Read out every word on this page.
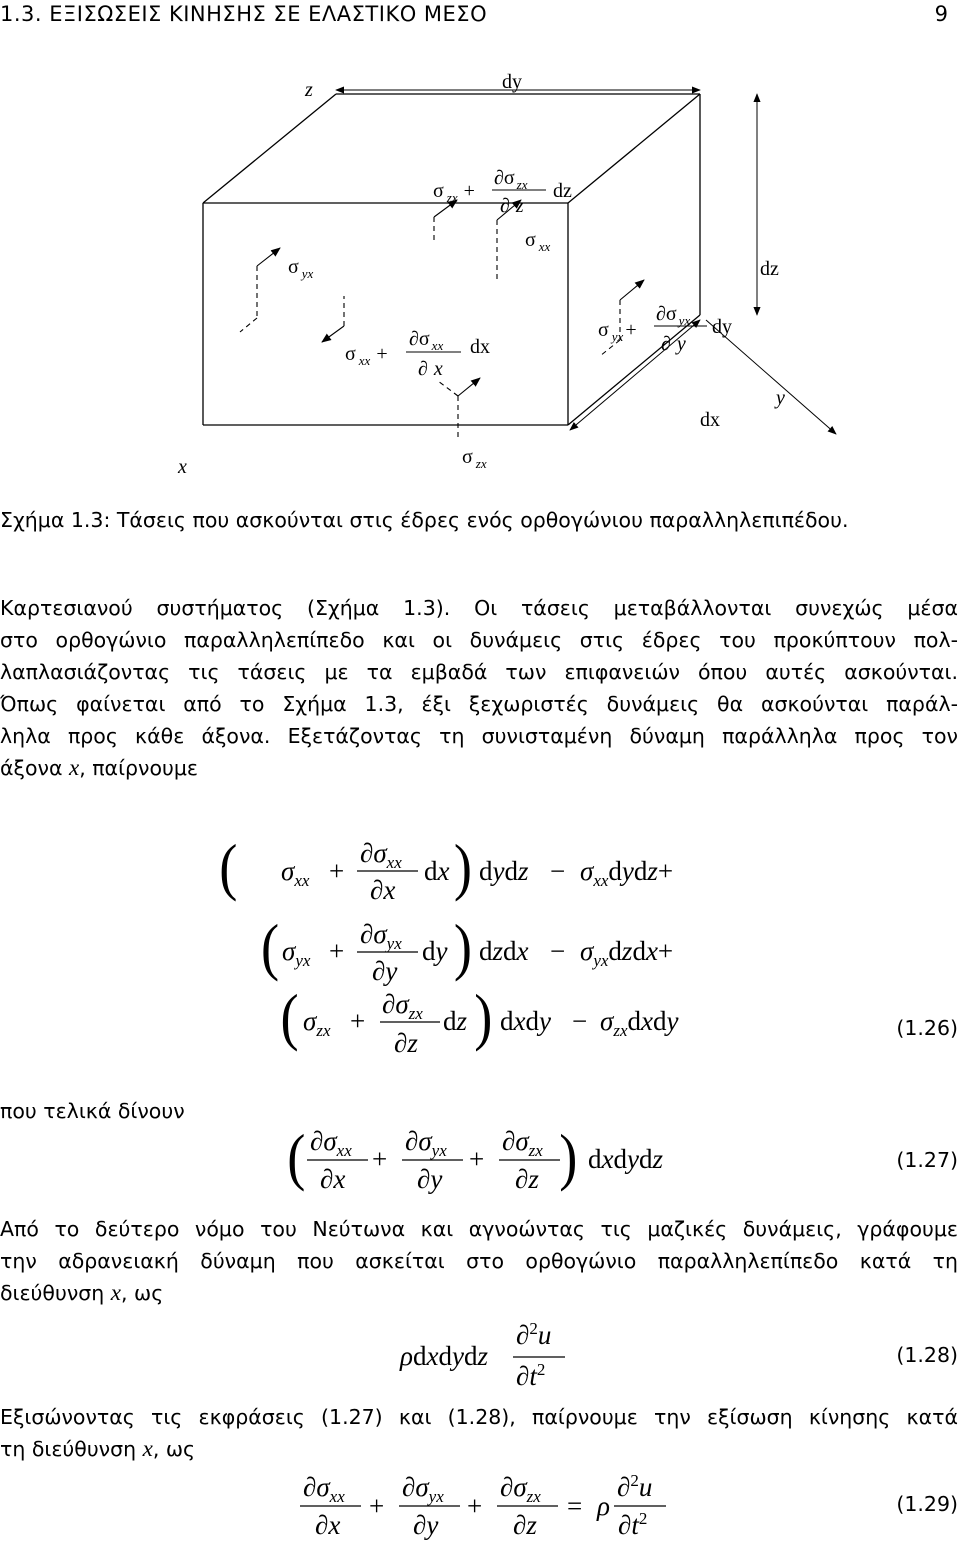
1.3. ΕΞΙΣΩΣΕΙΣ ΚΙΝΗΣΗΣ ΣΕ ΕΛΑΣΤΙΚΟ ΜΕΣΟ	9
z	dy
x
y
dz
dx
σ $_{yx}$
σ $_{zx}$ +
∂σ $_{zx}$
∂ z
dz
σ $_{xx}$
σ $_{yx}$ +
∂σ $_{yx}$
∂ y
dy
σ $_{xx}$ +
∂σ $_{xx}$
∂ x
dx
σ $_{zx}$
Σχήμα 1.3: Τάσεις που ασκούνται στις έδρες ενός ορθογώνιου παραλληλεπιπέδου.
Καρτεσιανού συστήματος (Σχήμα 1.3). Οι τάσεις μεταβάλλονται συνεχώς μέσα
στο ορθογώνιο παραλληλεπίπεδο και οι δυνάμεις στις έδρες του προκύπτουν πολ-
λαπλασιάζοντας τις τάσεις με τα εμβαδά των επιφανειών όπου αυτές ασκούνται.
Όπως φαίνεται από το Σχήμα 1.3, έξι ξεχωριστές δυνάμεις θα ασκούνται παράλ-
ληλα προς κάθε άξονα. Εξετάζοντας τη συνισταμένη δύναμη παράλληλα προς τον
άξονα x, παίρνουμε
( $\sigma_{xx}$ +
$\partial\sigma_{xx}$
∂x
dx ) dydz − $\sigma_{xx}dydz+$
( $\sigma_{yx}$ +
$\partial\sigma_{yx}$
∂y
dy ) dzdx − $\sigma_{yx}dzdx+$
( $\sigma_{zx}$ +
$\partial\sigma_{zx}$
∂z
dz ) dxdy − $\sigma_{zx}dxdy$	(1.26)
που τελικά δίνουν
( $\partial\sigma_{xx}$
∂x
+
$\partial\sigma_{yx}$
∂y
+
$\partial\sigma_{zx}$
∂z ) dxdydz	(1.27)
Από το δεύτερο νόμο του Νεύτωνα και αγνοώντας τις μαζικές δυνάμεις, γράφουμε
την αδρανειακή δύναμη που ασκείται στο ορθογώνιο παραλληλεπίπεδο κατά τη
διεύθυνση x, ως
ρdxdydz
∂$^2$u
$\partial t^2$
(1.28)
Εξισώνοντας τις εκφράσεις (1.27) και (1.28), παίρνουμε την εξίσωση κίνησης κατά
τη διεύθυνση x, ως
$\partial\sigma_{xx}$
∂x
+
$\partial\sigma_{yx}$
∂y
+
$\partial\sigma_{zx}$
∂z
= ρ
∂$^2$u
$\partial t^2$
(1.29)
